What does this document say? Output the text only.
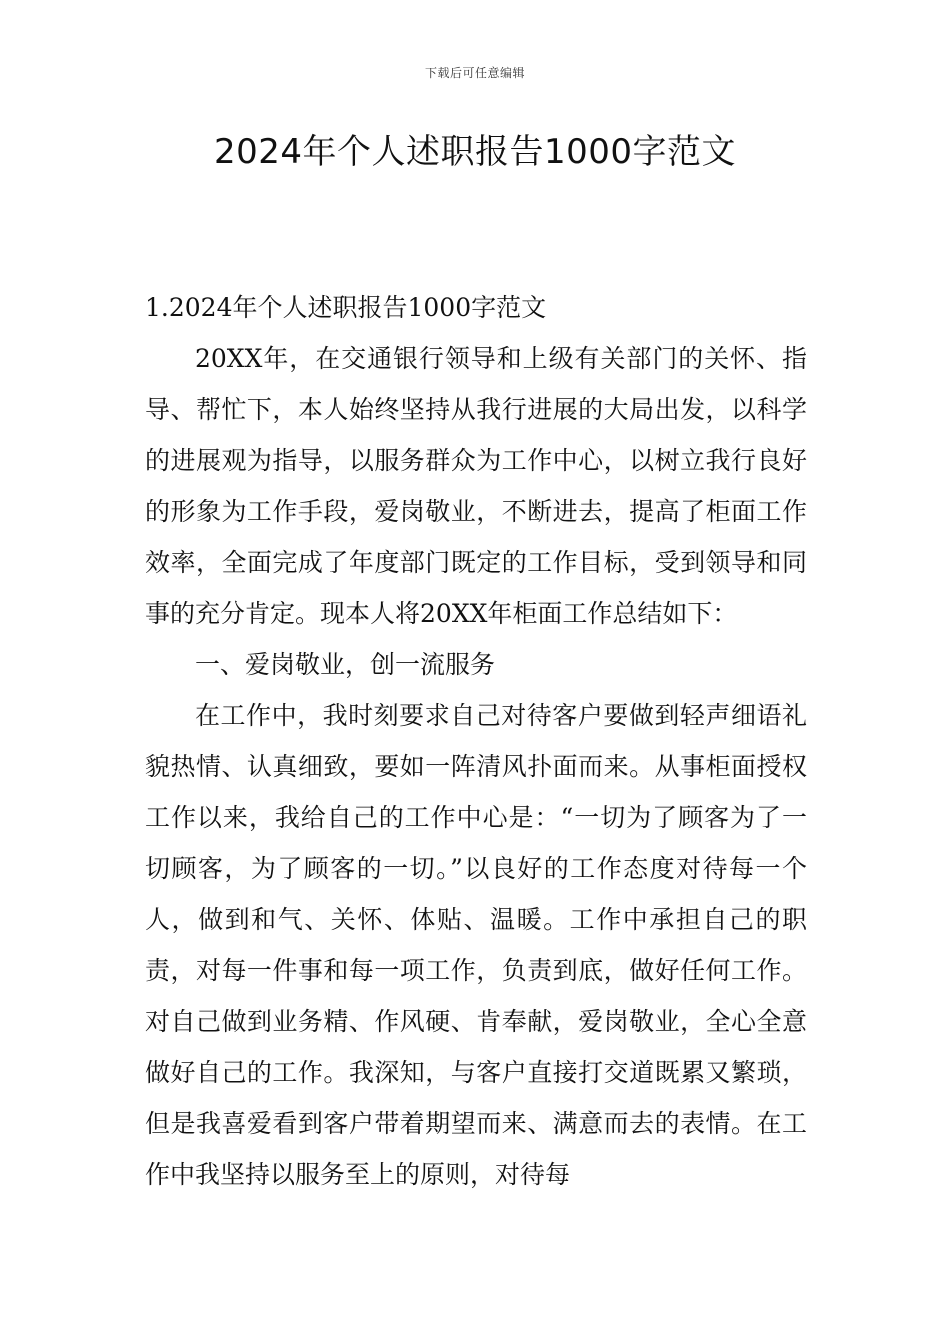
下载后可任意编辑
2024年个人述职报告1000字范文

1.2024年个人述职报告1000字范文

20XX年，在交通银行领导和上级有关部门的关怀、指导、帮忙下，本人始终坚持从我行进展的大局出发，以科学的进展观为指导，以服务群众为工作中心，以树立我行良好的形象为工作手段，爱岗敬业，不断进去，提高了柜面工作效率，全面完成了年度部门既定的工作目标，受到领导和同事的充分肯定。现本人将20XX年柜面工作总结如下：

一、爱岗敬业，创一流服务

在工作中，我时刻要求自己对待客户要做到轻声细语礼貌热情、认真细致，要如一阵清风扑面而来。从事柜面授权工作以来，我给自己的工作中心是：“一切为了顾客为了一切顾客，为了顾客的一切。”以良好的工作态度对待每一个人，做到和气、关怀、体贴、温暖。工作中承担自己的职责，对每一件事和每一项工作，负责到底，做好任何工作。对自己做到业务精、作风硬、肯奉献，爱岗敬业，全心全意做好自己的工作。我深知，与客户直接打交道既累又繁琐，但是我喜爱看到客户带着期望而来、满意而去的表情。在工作中我坚持以服务至上的原则，对待每
